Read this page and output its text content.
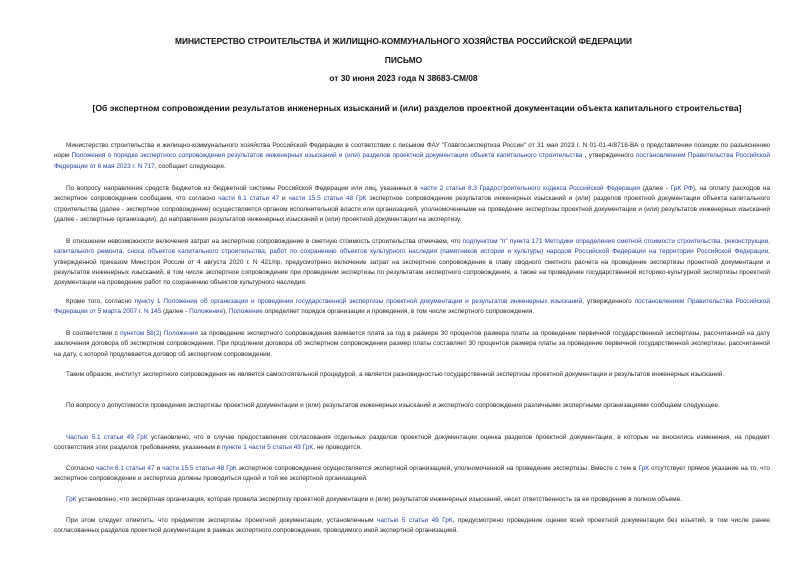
МИНИСТЕРСТВО СТРОИТЕЛЬСТВА И ЖИЛИЩНО-КОММУНАЛЬНОГО ХОЗЯЙСТВА РОССИЙСКОЙ ФЕДЕРАЦИИ
ПИСЬМО
от 30 июня 2023 года N 38683-СМ/08
[Об экспертном сопровождении результатов инженерных изысканий и (или) разделов проектной документации объекта капитального строительства]
Министерство строительства и жилищно-коммунального хозяйства Российской Федерации в соответствии с письмом ФАУ "Главгосэкспертиза России" от 31 мая 2023 г. N 01-01-4/8718-ВА о представлении позиции по разъяснению норм Положения о порядке экспертного сопровождения результатов инженерных изысканий и (или) разделов проектной документации объекта капитального строительства , утвержденного постановлением Правительства Российской Федерации от 6 мая 2023 г. N 717, сообщает следующее.
По вопросу направления средств бюджетов из бюджетной системы Российской Федерации или лиц, указанных в части 2 статьи 8.3 Градостроительного кодекса Российской Федерации (далее - ГрК РФ), на оплату расходов на экспертное сопровождение сообщаем, что согласно части 6.1 статьи 47 и части 15.5 статьи 48 ГрК экспертное сопровождение результатов инженерных изысканий и (или) разделов проектной документации объекта капитального строительства (далее - экспертное сопровождение) осуществляется органом исполнительной власти или организацией, уполномоченными на проведение экспертизы проектной документации и (или) результатов инженерных изысканий (далее - экспертные организации), до направления результатов инженерных изысканий и (или) проектной документации на экспертизу.
В отношении невозможности включения затрат на экспертное сопровождение в сметную стоимость строительства отмечаем, что подпунктом "п" пункта 171 Методики определения сметной стоимости строительства, реконструкции, капитального ремонта, сноса объектов капитального строительства, работ по сохранению объектов культурного наследия (памятников истории и культуры) народов Российской Федерации на территории Российской Федерации, утвержденной приказом Минстроя России от 4 августа 2020 г. N 421/пр, предусмотрено включение затрат на экспертное сопровождение в главу сводного сметного расчета на проведение экспертизы проектной документации и результатов инженерных изысканий, в том числе экспертное сопровождение при проведении экспертизы по результатам экспертного сопровождения, а также на проведение государственной историко-культурной экспертизы проектной документации на проведение работ по сохранению объектов культурного наследия.
Кроме того, согласно пункту 1 Положения об организации и проведении государственной экспертизы проектной документации и результатов инженерных изысканий, утвержденного постановлением Правительства Российской Федерации от 5 марта 2007 г. N 145 (далее - Положение), Положение определяет порядок организации и проведения, в том числе экспертного сопровождения.
В соответствии с пунктом 58(2) Положения за проведение экспертного сопровождения взимается плата за год в размере 30 процентов размера платы за проведение первичной государственной экспертизы, рассчитанной на дату заключения договора об экспертном сопровождении. При продлении договора об экспертном сопровождении размер платы составляет 30 процентов размера платы за проведение первичной государственной экспертизы, рассчитанной на дату, с которой продлевается договор об экспертном сопровождении.
Таким образом, институт экспертного сопровождения не является самостоятельной процедурой, а является разновидностью государственной экспертизы проектной документации и результатов инженерных изысканий.
По вопросу о допустимости проведения экспертизы проектной документации и (или) результатов инженерных изысканий и экспертного сопровождения различными экспертными организациями сообщаем следующее.
Частью 5.1 статьи 49 ГрК установлено, что в случае предоставления согласования отдельных разделов проектной документации оценка разделов проектной документации, в которые не вносились изменения, на предмет соответствия этих разделов требованиям, указанным в пункте 1 части 5 статьи 49 ГрК, не проводится.
Согласно части 6.1 статьи 47 и части 15.5 статьи 48 ГрК экспертное сопровождение осуществляется экспертной организацией, уполномоченной на проведение экспертизы. Вместе с тем в ГрК отсутствует прямое указание на то, что экспертное сопровождение и экспертиза должны проводиться одной и той же экспертной организацией.
ГрК установлено, что экспертная организация, которая провела экспертизу проектной документации и (или) результатов инженерных изысканий, несет ответственность за ее проведение в полном объеме.
При этом следует отметить, что предметом экспертизы проектной документации, установленным частью 5 статьи 49 ГрК, предусмотрено проведение оценки всей проектной документации без изъятий, в том числе ранее согласованных разделов проектной документации в рамках экспертного сопровождения, проводимого иной экспертной организацией.
